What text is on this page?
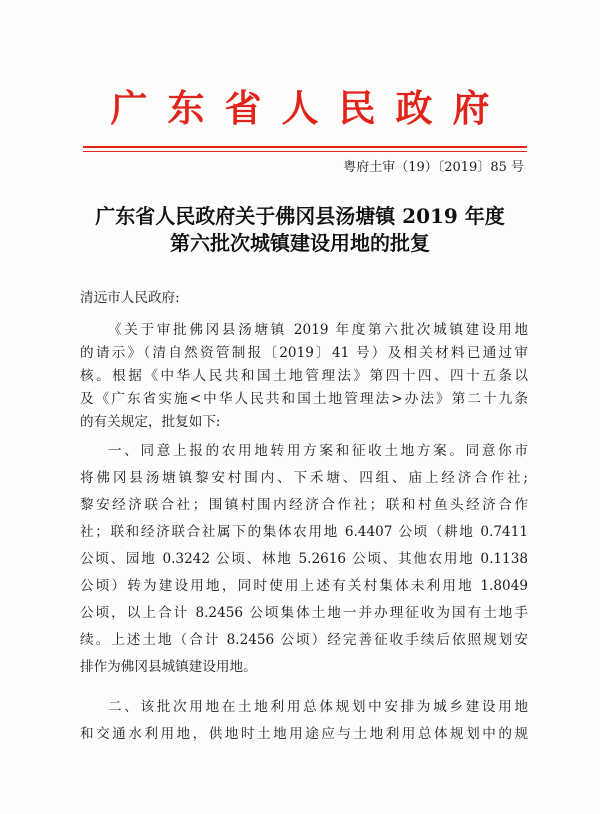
广东省人民政府
粤府土审（19）〔2019〕85 号
广东省人民政府关于佛冈县汤塘镇 2019 年度
第六批次城镇建设用地的批复
清远市人民政府:
《关于审批佛冈县汤塘镇 2019 年度第六批次城镇建设用地
的请示》（清自然资管制报〔2019〕41 号）及相关材料已通过审
核。根据《中华人民共和国土地管理法》第四十四、四十五条以
及《广东省实施<中华人民共和国土地管理法>办法》第二十九条
的有关规定，批复如下:
一、同意上报的农用地转用方案和征收土地方案。同意你市
将佛冈县汤塘镇黎安村围内、下禾塘、四组、庙上经济合作社;
黎安经济联合社；围镇村围内经济合作社；联和村鱼头经济合作
社；联和经济联合社属下的集体农用地 6.4407 公顷（耕地 0.7411
公顷、园地 0.3242 公顷、林地 5.2616 公顷、其他农用地 0.1138
公顷）转为建设用地，同时使用上述有关村集体未利用地 1.8049
公顷，以上合计 8.2456 公顷集体土地一并办理征收为国有土地手
续。上述土地（合计 8.2456 公顷）经完善征收手续后依照规划安
排作为佛冈县城镇建设用地。
二、该批次用地在土地利用总体规划中安排为城乡建设用地
和交通水利用地，供地时土地用途应与土地利用总体规划中的规
